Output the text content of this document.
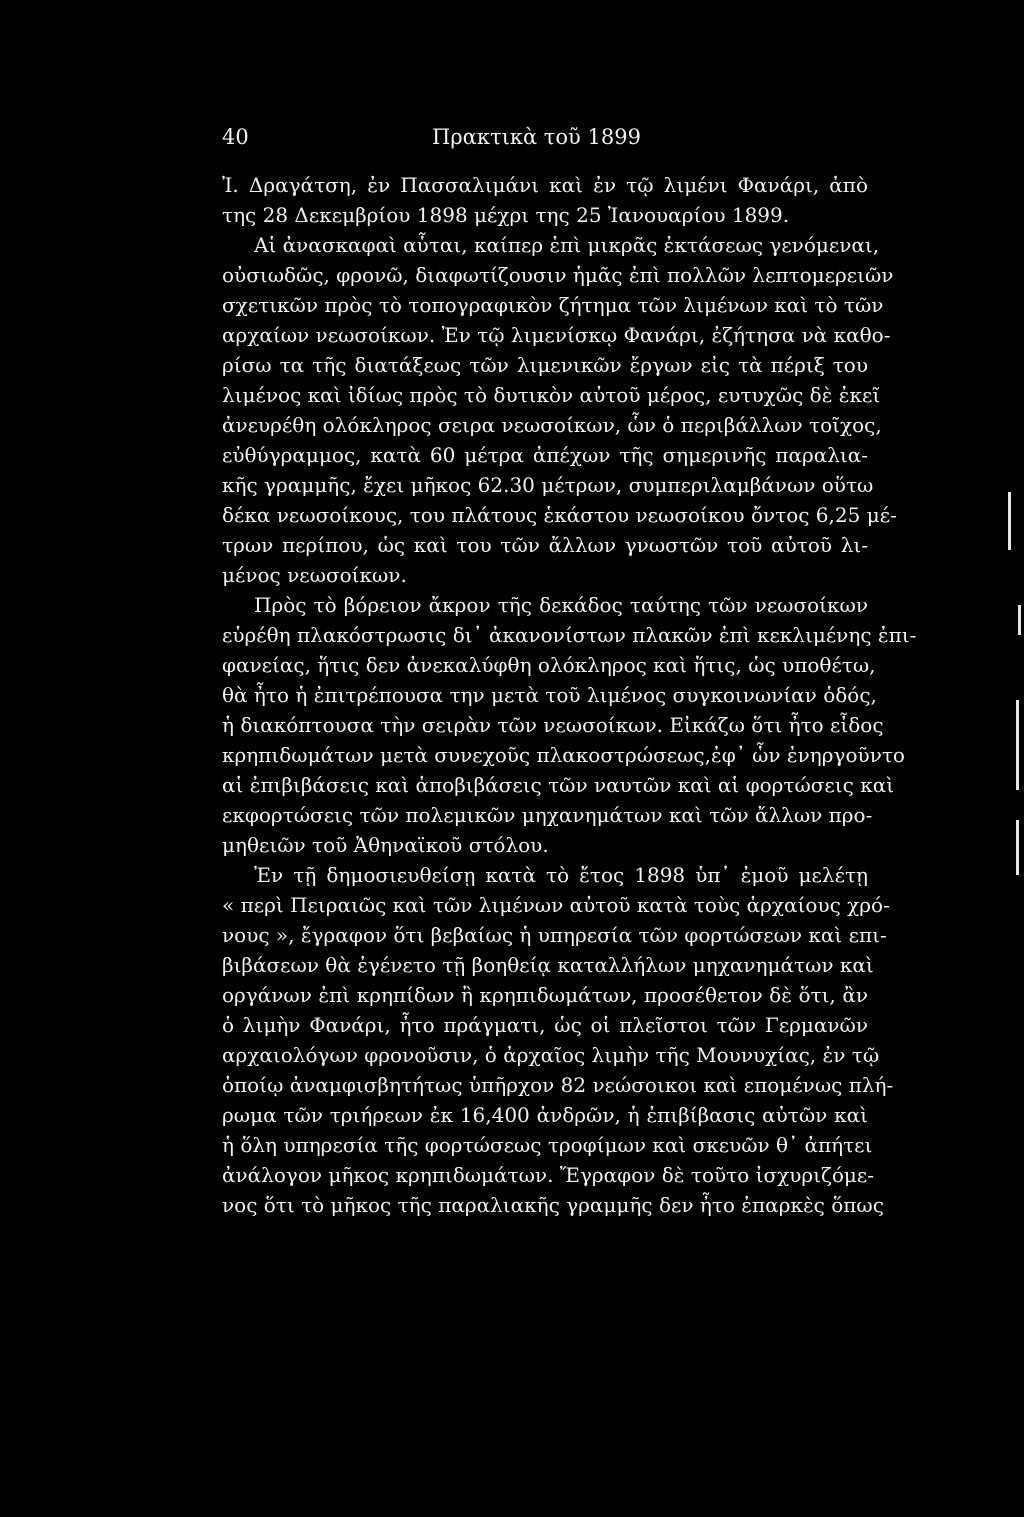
40	Πρακτικὰ τοῦ 1899
Ἰ. Δραγάτση, ἐν Πασσαλιμάνι καὶ ἐν τῷ λιμένι Φανάρι, ἀπὸ
της 28 Δεκεμβρίου 1898 μέχρι της 25 Ἰανουαρίου 1899.
Αἱ ἀνασκαφαὶ αὗται, καίπερ ἐπὶ μικρᾶς ἐκτάσεως γενόμεναι,
οὐσιωδῶς, φρονῶ, διαφωτίζουσιν ἡμᾶς ἐπὶ πολλῶν λεπτομερειῶν
σχετικῶν πρὸς τὸ τοπογραφικὸν ζήτημα τῶν λιμένων καὶ τὸ τῶν
αρχαίων νεωσοίκων. Ἐν τῷ λιμενίσκῳ Φανάρι, ἐζήτησα νὰ καθο-
ρίσω τα τῆς διατάξεως τῶν λιμενικῶν ἔργων εἰς τὰ πέριξ του
λιμένος καὶ ἰδίως πρὸς τὸ δυτικὸν αὐτοῦ μέρος, ευτυχῶς δὲ ἐκεῖ
ἀνευρέθη ολόκληρος σειρα νεωσοίκων, ὧν ὁ περιβάλλων τοῖχος,
εὐθύγραμμος, κατὰ 60 μέτρα ἀπέχων τῆς σημερινῆς παραλια-
κῆς γραμμῆς, ἔχει μῆκος 62.30 μέτρων, συμπεριλαμβάνων οὕτω
δέκα νεωσοίκους, του πλάτους ἑκάστου νεωσοίκου ὄντος 6,25 μέ-
τρων περίπου, ὡς καὶ του τῶν ἄλλων γνωστῶν τοῦ αὐτοῦ λι-
μένος νεωσοίκων.
Πρὸς τὸ βόρειον ἄκρον τῆς δεκάδος ταύτης τῶν νεωσοίκων
εὑρέθη πλακόστρωσις δι᾽ ἀκανονίστων πλακῶν ἐπὶ κεκλιμένης ἐπι-
φανείας, ἥτις δεν ἀνεκαλύφθη ολόκληρος καὶ ἥτις, ὡς υποθέτω,
θὰ ἦτο ἡ ἐπιτρέπουσα την μετὰ τοῦ λιμένος συγκοινωνίαν ὁδός,
ἡ διακόπτουσα τὴν σειρὰν τῶν νεωσοίκων. Εἰκάζω ὅτι ἦτο εἶδος
κρηπιδωμάτων μετὰ συνεχοῦς πλακοστρώσεως,ἐφ᾽ ὧν ἐνηργοῦντο
αἱ ἐπιβιβάσεις καὶ ἀποβιβάσεις τῶν ναυτῶν καὶ αἱ φορτώσεις καὶ
εκφορτώσεις τῶν πολεμικῶν μηχανημάτων καὶ τῶν ἄλλων προ-
μηθειῶν τοῦ Ἀθηναϊκοῦ στόλου.
Ἐν τῇ δημοσιευθείσῃ κατὰ τὸ ἔτος 1898 ὑπ᾽ ἐμοῦ μελέτῃ
« περὶ Πειραιῶς καὶ τῶν λιμένων αὐτοῦ κατὰ τοὺς ἀρχαίους χρό-
νους », ἔγραφον ὅτι βεβαίως ἡ υπηρεσία τῶν φορτώσεων καὶ επι-
βιβάσεων θὰ ἐγένετο τῇ βοηθείᾳ καταλλήλων μηχανημάτων καὶ
οργάνων ἐπὶ κρηπίδων ἢ κρηπιδωμάτων, προσέθετον δὲ ὅτι, ἂν
ὁ λιμὴν Φανάρι, ἦτο πράγματι, ὡς οἱ πλεῖστοι τῶν Γερμανῶν
αρχαιολόγων φρονοῦσιν, ὁ ἀρχαῖος λιμὴν τῆς Μουνυχίας, ἐν τῷ
ὁποίῳ ἀναμφισβητήτως ὑπῆρχον 82 νεώσοικοι καὶ επομένως πλή-
ρωμα τῶν τριήρεων ἐκ 16,400 ἀνδρῶν, ἡ ἐπιβίβασις αὐτῶν καὶ
ἡ ὅλη υπηρεσία τῆς φορτώσεως τροφίμων καὶ σκευῶν θ᾽ ἀπήτει
ἀνάλογον μῆκος κρηπιδωμάτων. Ἔγραφον δὲ τοῦτο ἰσχυριζόμε-
νος ὅτι τὸ μῆκος τῆς παραλιακῆς γραμμῆς δεν ἦτο ἐπαρκὲς ὅπως
